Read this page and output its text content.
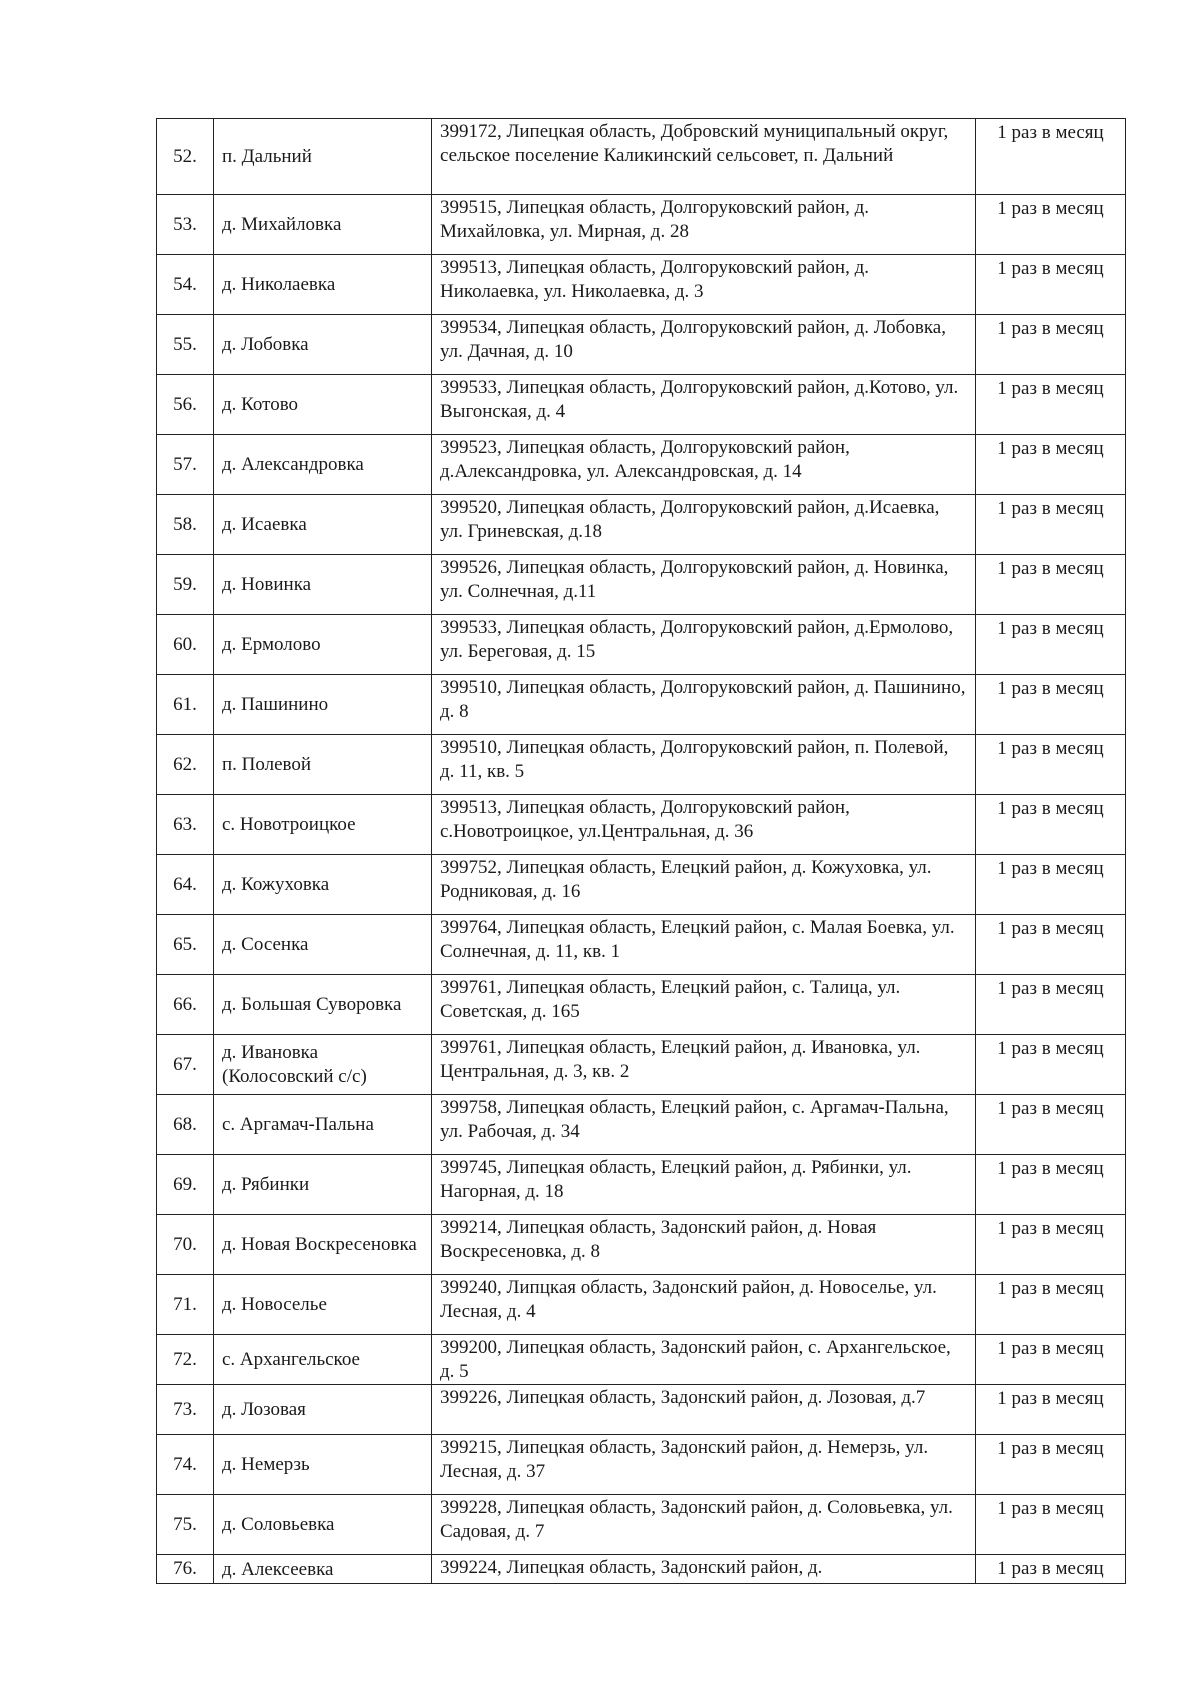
52.	п. Дальний	399172, Липецкая область, Добровский муниципальный округ, сельское поселение Каликинский сельсовет, п. Дальний	1 раз в месяц
53.	д. Михайловка	399515, Липецкая область, Долгоруковский район, д. Михайловка, ул. Мирная, д. 28	1 раз в месяц
54.	д. Николаевка	399513, Липецкая область, Долгоруковский район, д. Николаевка, ул. Николаевка, д. 3	1 раз в месяц
55.	д. Лобовка	399534, Липецкая область, Долгоруковский район, д. Лобовка, ул. Дачная, д. 10	1 раз в месяц
56.	д. Котово	399533, Липецкая область, Долгоруковский район, д.Котово, ул. Выгонская, д. 4	1 раз в месяц
57.	д. Александровка	399523, Липецкая область, Долгоруковский район, д.Александровка, ул. Александровская, д. 14	1 раз в месяц
58.	д. Исаевка	399520, Липецкая область, Долгоруковский район, д.Исаевка, ул. Гриневская, д.18	1 раз в месяц
59.	д. Новинка	399526, Липецкая область, Долгоруковский район, д. Новинка, ул. Солнечная, д.11	1 раз в месяц
60.	д. Ермолово	399533, Липецкая область, Долгоруковский район, д.Ермолово, ул. Береговая, д. 15	1 раз в месяц
61.	д. Пашинино	399510, Липецкая область, Долгоруковский район, д. Пашинино, д. 8	1 раз в месяц
62.	п. Полевой	399510, Липецкая область, Долгоруковский район, п. Полевой, д. 11, кв. 5	1 раз в месяц
63.	с. Новотроицкое	399513, Липецкая область, Долгоруковский район, с.Новотроицкое, ул.Центральная, д. 36	1 раз в месяц
64.	д. Кожуховка	399752, Липецкая область, Елецкий район, д. Кожуховка, ул. Родниковая, д. 16	1 раз в месяц
65.	д. Сосенка	399764, Липецкая область, Елецкий район, с. Малая Боевка, ул. Солнечная, д. 11, кв. 1	1 раз в месяц
66.	д. Большая Суворовка	399761, Липецкая область, Елецкий район, с. Талица, ул. Советская, д. 165	1 раз в месяц
67.	д. Ивановка (Колосовский с/с)	399761, Липецкая область, Елецкий район, д. Ивановка, ул. Центральная, д. 3, кв. 2	1 раз в месяц
68.	с. Аргамач-Пальна	399758, Липецкая область, Елецкий район, с. Аргамач-Пальна, ул. Рабочая, д. 34	1 раз в месяц
69.	д. Рябинки	399745, Липецкая область, Елецкий район, д. Рябинки, ул. Нагорная, д. 18	1 раз в месяц
70.	д. Новая Воскресеновка	399214, Липецкая область, Задонский район, д. Новая Воскресеновка, д. 8	1 раз в месяц
71.	д. Новоселье	399240, Липцкая область, Задонский район, д. Новоселье, ул. Лесная, д. 4	1 раз в месяц
72.	с. Архангельское	399200, Липецкая область, Задонский район, с. Архангельское, д. 5	1 раз в месяц
73.	д. Лозовая	399226, Липецкая область, Задонский район, д. Лозовая, д.7	1 раз в месяц
74.	д. Немерзь	399215, Липецкая область, Задонский район, д. Немерзь, ул. Лесная, д. 37	1 раз в месяц
75.	д. Соловьевка	399228, Липецкая область, Задонский район, д. Соловьевка, ул. Садовая, д. 7	1 раз в месяц
76.	д. Алексеевка	399224, Липецкая область, Задонский район, д.	1 раз в месяц
